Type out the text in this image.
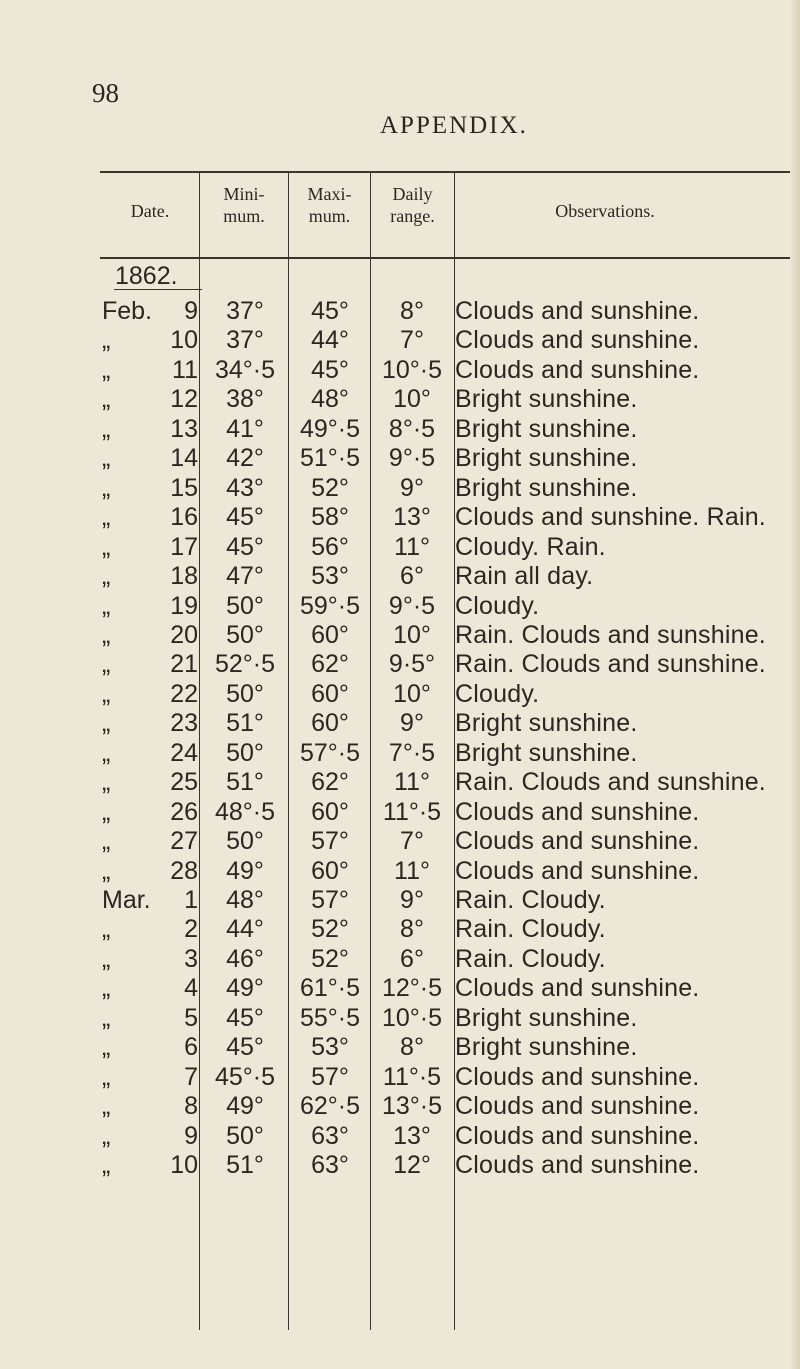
98
APPENDIX.
Date.
Mini-
mum.
Maxi-
mum.
Daily
range.	Observations.
1862.
Feb.	9	37°	45°	8°	Clouds and sunshine.
„	10	37°	44°	7°	Clouds and sunshine.
„	11 34°·5	45°	10°·5 Clouds and sunshine.
„	12	38°	48°	10° Bright sunshine.
„	13	41°	49°·5	8°·5 Bright sunshine.
„	14	42°	51°·5	9°·5 Bright sunshine.
„	15	43°	52°	9°	Bright sunshine.
„	16	45°	58°	13° Clouds and sunshine. Rain.
„	17	45°	56°	11°	Cloudy. Rain.
„	18	47°	53°	6°	Rain all day.
„	19	50°	59°·5	9°·5 Cloudy.
„	20	50°	60°	10° Rain. Clouds and sunshine.
„	21 52°·5	62°	9·5° Rain. Clouds and sunshine.
„	22	50°	60°	10° Cloudy.
„	23	51°	60°	9°	Bright sunshine.
„	24	50°	57°·5	7°·5 Bright sunshine.
„	25	51°	62°	11°	Rain. Clouds and sunshine.
„	26 48°·5	60°	11°·5 Clouds and sunshine.
„	27	50°	57°	7°	Clouds and sunshine.
„	28	49°	60°	11°	Clouds and sunshine.
Mar.	1	48°	57°	9°	Rain. Cloudy.
„	2	44°	52°	8°	Rain. Cloudy.
„	3	46°	52°	6°	Rain. Cloudy.
„	4	49°	61°·5 12°·5 Clouds and sunshine.
„	5	45°	55°·5 10°·5 Bright sunshine.
„	6	45°	53°	8°	Bright sunshine.
„	7 45°·5	57°	11°·5 Clouds and sunshine.
„	8	49°	62°·5 13°·5 Clouds and sunshine.
„	9	50°	63°	13° Clouds and sunshine.
„	10	51°	63°	12° Clouds and sunshine.
